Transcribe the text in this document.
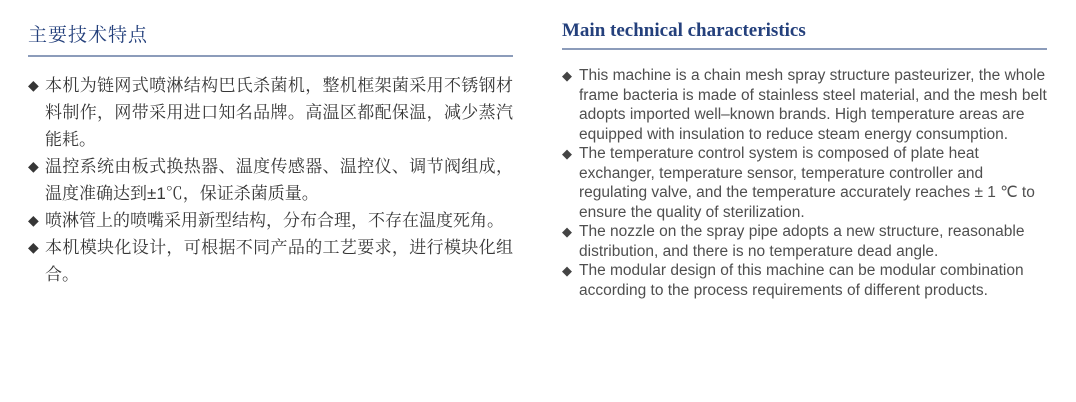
主要技术特点
◆ 本机为链网式喷淋结构巴氏杀菌机，整机框架菌采用不锈钢材料制作，网带采用进口知名品牌。高温区都配保温，减少蒸汽能耗。
◆ 温控系统由板式换热器、温度传感器、温控仪、调节阀组成，温度准确达到±1℃，保证杀菌质量。
◆ 喷淋管上的喷嘴采用新型结构，分布合理，不存在温度死角。
◆ 本机模块化设计，可根据不同产品的工艺要求，进行模块化组合。
Main technical characteristics
◆ This machine is a chain mesh spray structure pasteurizer, the whole frame bacteria is made of stainless steel material, and the mesh belt adopts imported well–known brands. High temperature areas are equipped with insulation to reduce steam energy consumption.
◆ The temperature control system is composed of plate heat exchanger, temperature sensor, temperature controller and regulating valve, and the temperature accurately reaches ± 1 ℃ to ensure the quality of sterilization.
◆ The nozzle on the spray pipe adopts a new structure, reasonable distribution, and there is no temperature dead angle.
◆ The modular design of this machine can be modular combination according to the process requirements of different products.
